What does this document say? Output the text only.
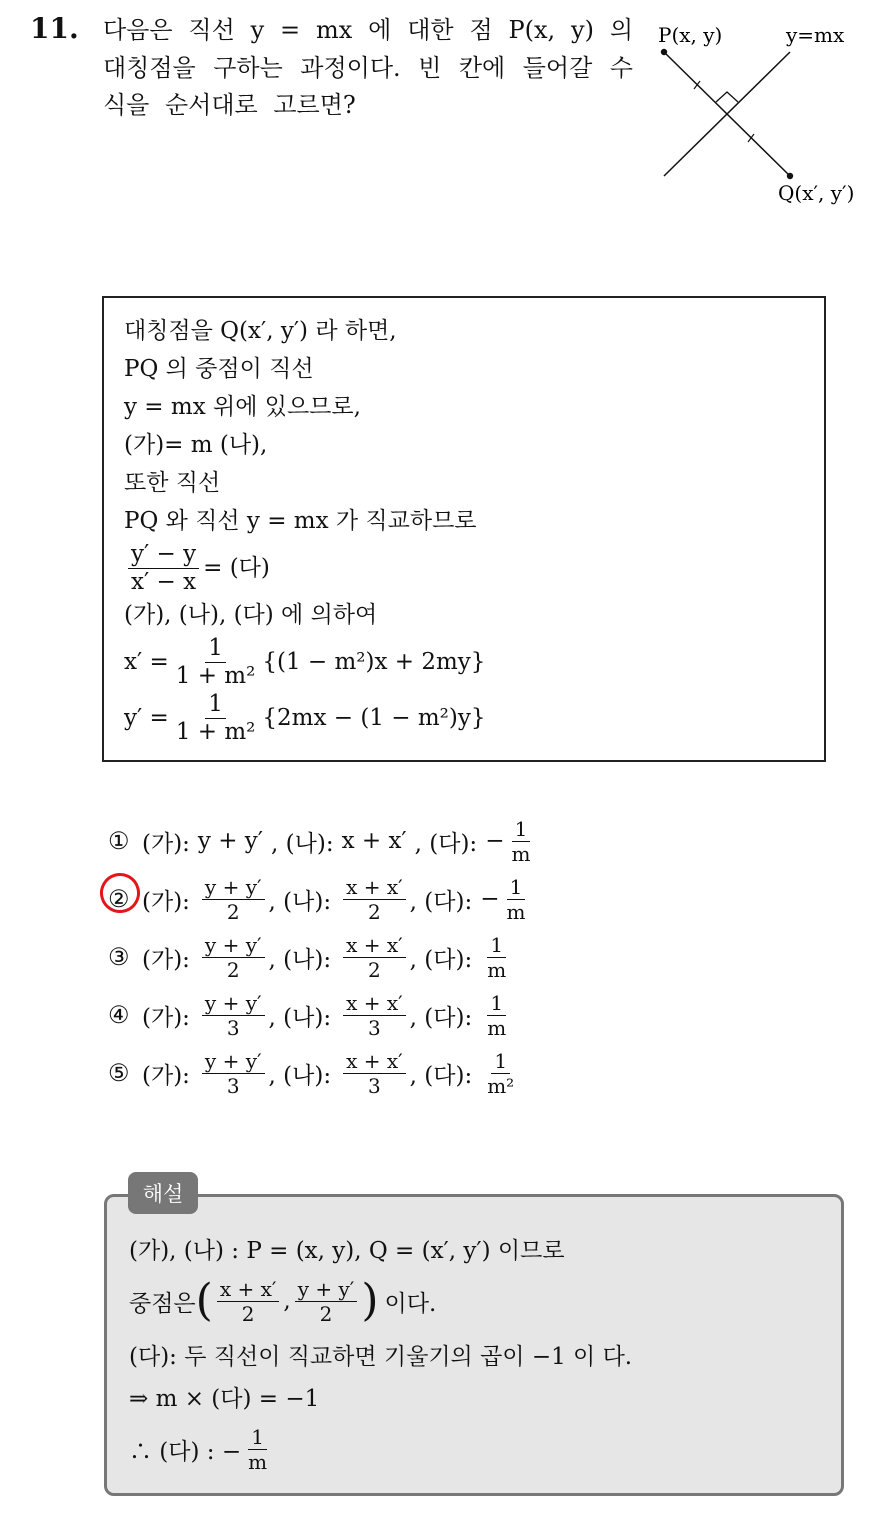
11. 다음은 직선 y = mx 에 대한 점 P(x, y) 의 대칭점을 구하는 과정이다. 빈 칸에 들어갈 수식을 순서대로 고르면?
P(x, y)	y=mx
Q(x′, y′)
대칭점을 Q(x′, y′) 라 하면,
PQ 의 중점이 직선
y = mx 위에 있으므로,
(가)= m (나),
또한 직선
PQ 와 직선 y = mx 가 직교하므로
$\frac{y' - y}{x' - x}$ = (다)
(가), (나), (다) 에 의하여
$x' = \frac{1}{\text{1 + m²}} \{(1 - m^2)x + 2my\}$
$y' = \frac{1}{\text{1 + m²}} \{2mx - (1 - m^2)y\}$
① (가): y + y′ , (나): x + x′ , (다): − $\frac{1}{m}$
② (가): $\frac{y + y'}{2}$ , (나): $\frac{x + x'}{2}$ , (다): − $\frac{1}{m}$
③ (가): $\frac{y + y'}{2}$ , (나): $\frac{x + x'}{2}$ , (다): $\frac{1}{m}$
④ (가): $\frac{y + y'}{3}$ , (나): $\frac{x + x'}{3}$ , (다): $\frac{1}{m}$
⑤ (가): $\frac{y + y'}{3}$ , (나): $\frac{x + x'}{3}$ , (다): $\frac{1}{\text{m²}}$
(가), (나) : P = (x, y), Q = (x′, y′) 이므로
중점은 ( $\frac{x + x'}{2}$ , $\frac{y + y'}{2}$ ) 이다.
(다): 두 직선이 직교하면 기울기의 곱이 −1 이 다.
⇒ m × (다) = −1
∴ (다) : − $\frac{1}{m}$
해설
